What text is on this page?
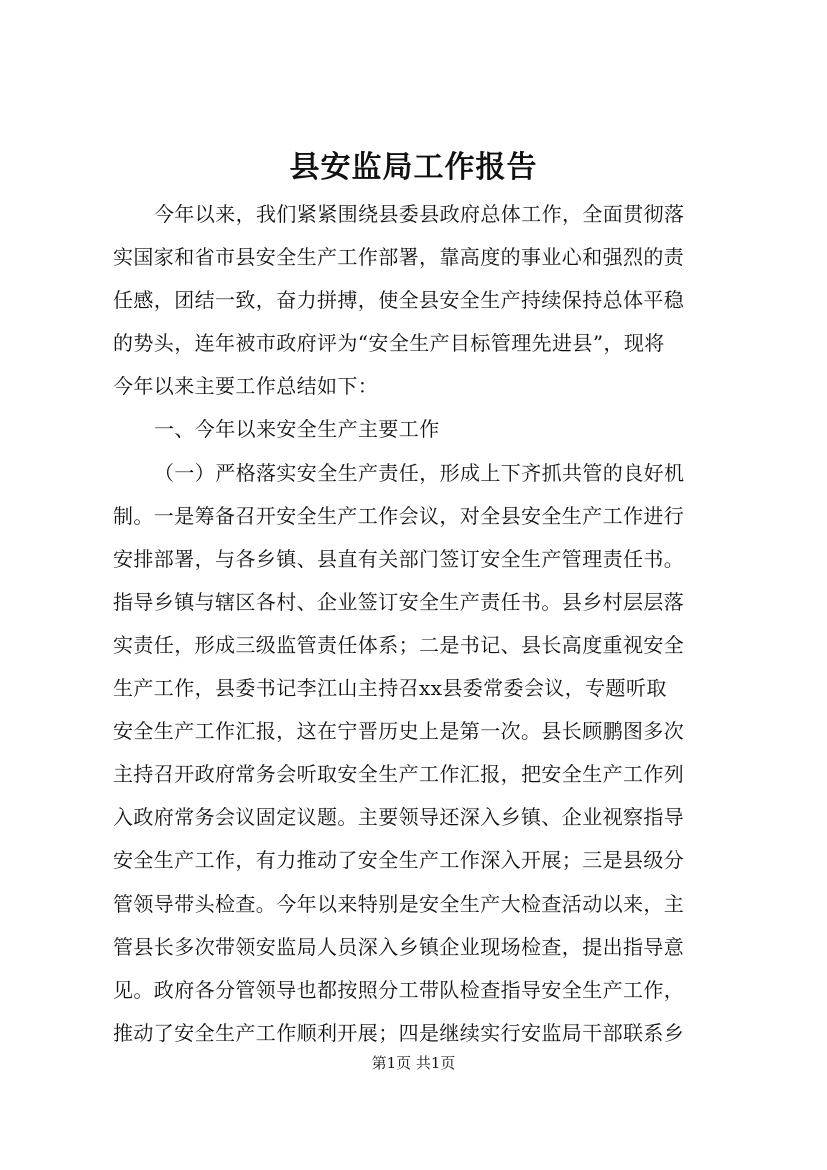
县安监局工作报告
今年以来，我们紧紧围绕县委县政府总体工作，全面贯彻落
实国家和省市县安全生产工作部署，靠高度的事业心和强烈的责
任感，团结一致，奋力拼搏，使全县安全生产持续保持总体平稳
的势头，连年被市政府评为“安全生产目标管理先进县”，现将
今年以来主要工作总结如下：
一、今年以来安全生产主要工作
（一）严格落实安全生产责任，形成上下齐抓共管的良好机
制。一是筹备召开安全生产工作会议，对全县安全生产工作进行
安排部署，与各乡镇、县直有关部门签订安全生产管理责任书。
指导乡镇与辖区各村、企业签订安全生产责任书。县乡村层层落
实责任，形成三级监管责任体系；二是书记、县长高度重视安全
生产工作，县委书记李江山主持召xx县委常委会议，专题听取
安全生产工作汇报，这在宁晋历史上是第一次。县长顾鹏图多次
主持召开政府常务会听取安全生产工作汇报，把安全生产工作列
入政府常务会议固定议题。主要领导还深入乡镇、企业视察指导
安全生产工作，有力推动了安全生产工作深入开展；三是县级分
管领导带头检查。今年以来特别是安全生产大检查活动以来，主
管县长多次带领安监局人员深入乡镇企业现场检查，提出指导意
见。政府各分管领导也都按照分工带队检查指导安全生产工作，
推动了安全生产工作顺利开展；四是继续实行安监局干部联系乡
第1页 共1页
